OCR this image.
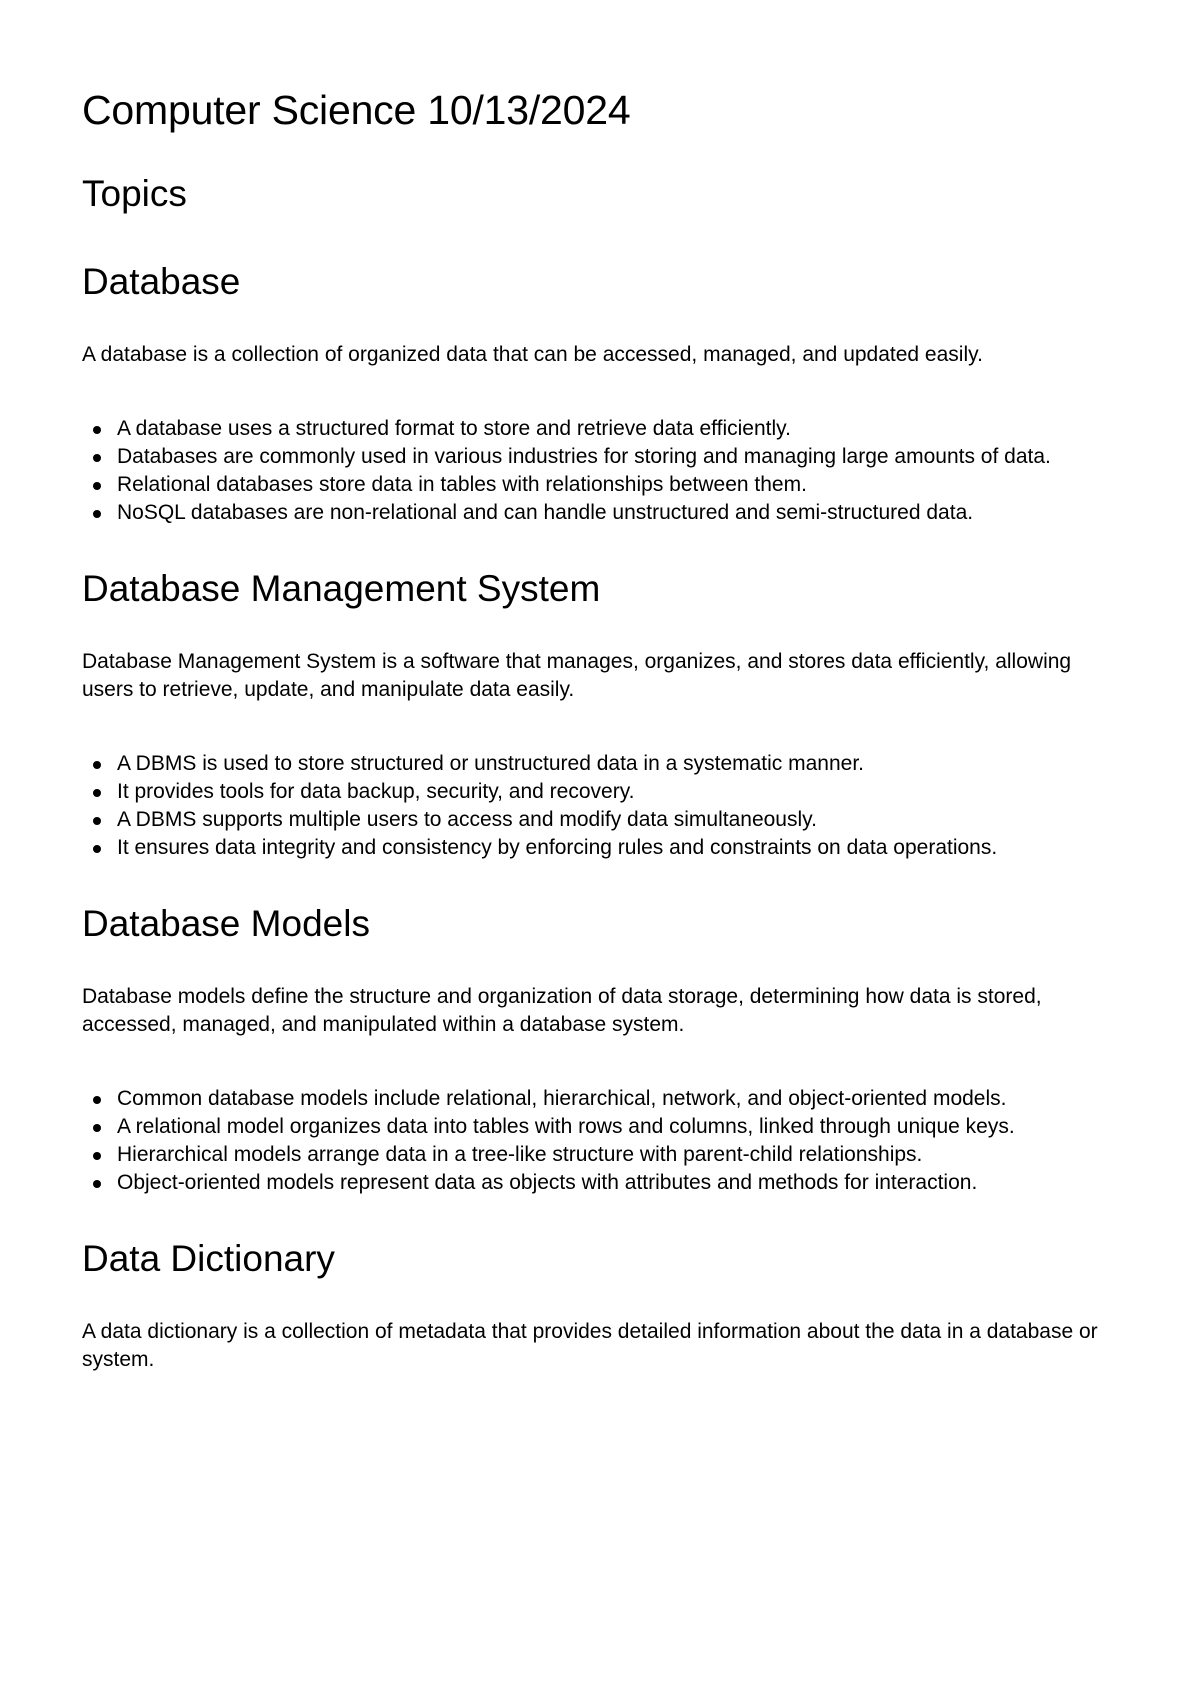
Computer Science 10/13/2024
Topics
Database

A database is a collection of organized data that can be accessed, managed, and updated easily.

A database uses a structured format to store and retrieve data efficiently.
Databases are commonly used in various industries for storing and managing large amounts of data.
Relational databases store data in tables with relationships between them.
NoSQL databases are non-relational and can handle unstructured and semi-structured data.
Database Management System

Database Management System is a software that manages, organizes, and stores data efficiently, allowing users to retrieve, update, and manipulate data easily.

A DBMS is used to store structured or unstructured data in a systematic manner.
It provides tools for data backup, security, and recovery.
A DBMS supports multiple users to access and modify data simultaneously.
It ensures data integrity and consistency by enforcing rules and constraints on data operations.
Database Models

Database models define the structure and organization of data storage, determining how data is stored, accessed, managed, and manipulated within a database system.

Common database models include relational, hierarchical, network, and object-oriented models.
A relational model organizes data into tables with rows and columns, linked through unique keys.
Hierarchical models arrange data in a tree-like structure with parent-child relationships.
Object-oriented models represent data as objects with attributes and methods for interaction.
Data Dictionary

A data dictionary is a collection of metadata that provides detailed information about the data in a database or system.
